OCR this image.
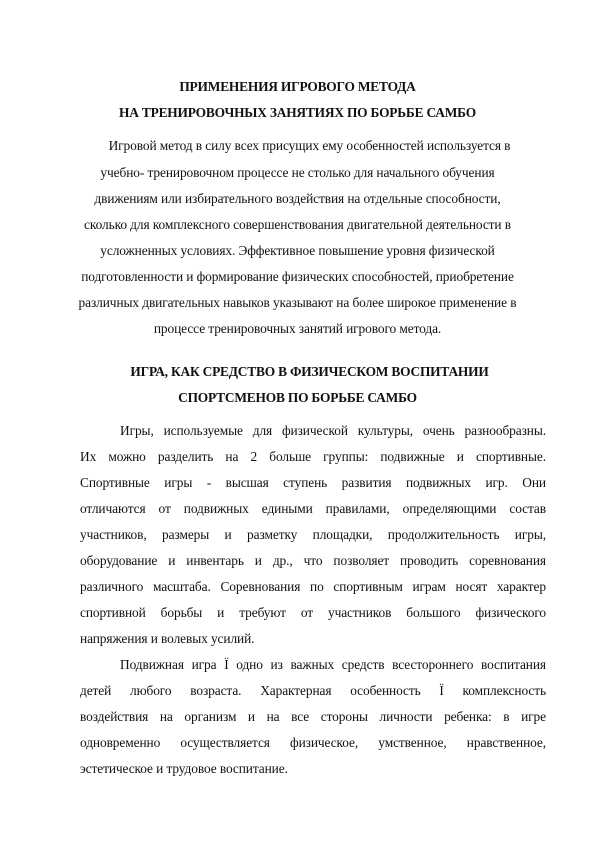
ПРИМЕНЕНИЯ ИГРОВОГО МЕТОДА
НА ТРЕНИРОВОЧНЫХ ЗАНЯТИЯХ ПО БОРЬБЕ САМБО
Игровой метод в силу всех присущих ему особенностей используется в
учебно- тренировочном процессе не столько для начального обучения
движениям или избирательного воздействия на отдельные способности,
сколько для комплексного совершенствования двигательной деятельности в
усложненных условиях. Эффективное повышение уровня физической
подготовленности и формирование физических способностей, приобретение
различных двигательных навыков указывают на более широкое применение в
процессе тренировочных занятий игрового метода.
ИГРА, КАК СРЕДСТВО В ФИЗИЧЕСКОМ ВОСПИТАНИИ
СПОРТСМЕНОВ ПО БОРЬБЕ САМБО
Игры, используемые для физической культуры, очень разнообразны.
Их можно разделить на 2 больше группы: подвижные и спортивные.
Спортивные игры - высшая ступень развития подвижных игр. Они
отличаются от подвижных едиными правилами, определяющими состав
участников, размеры и разметку площадки, продолжительность игры,
оборудование и инвентарь и др., что позволяет проводить соревнования
различного масштаба. Соревнования по спортивным играм носят характер
спортивной борьбы и требуют от участников большого физического
напряжения и волевых усилий.
Подвижная игра Ї одно из важных средств всестороннего воспитания
детей любого возраста. Характерная особенность Ї комплексность
воздействия на организм и на все стороны личности ребенка: в игре
одновременно осуществляется физическое, умственное, нравственное,
эстетическое и трудовое воспитание.
